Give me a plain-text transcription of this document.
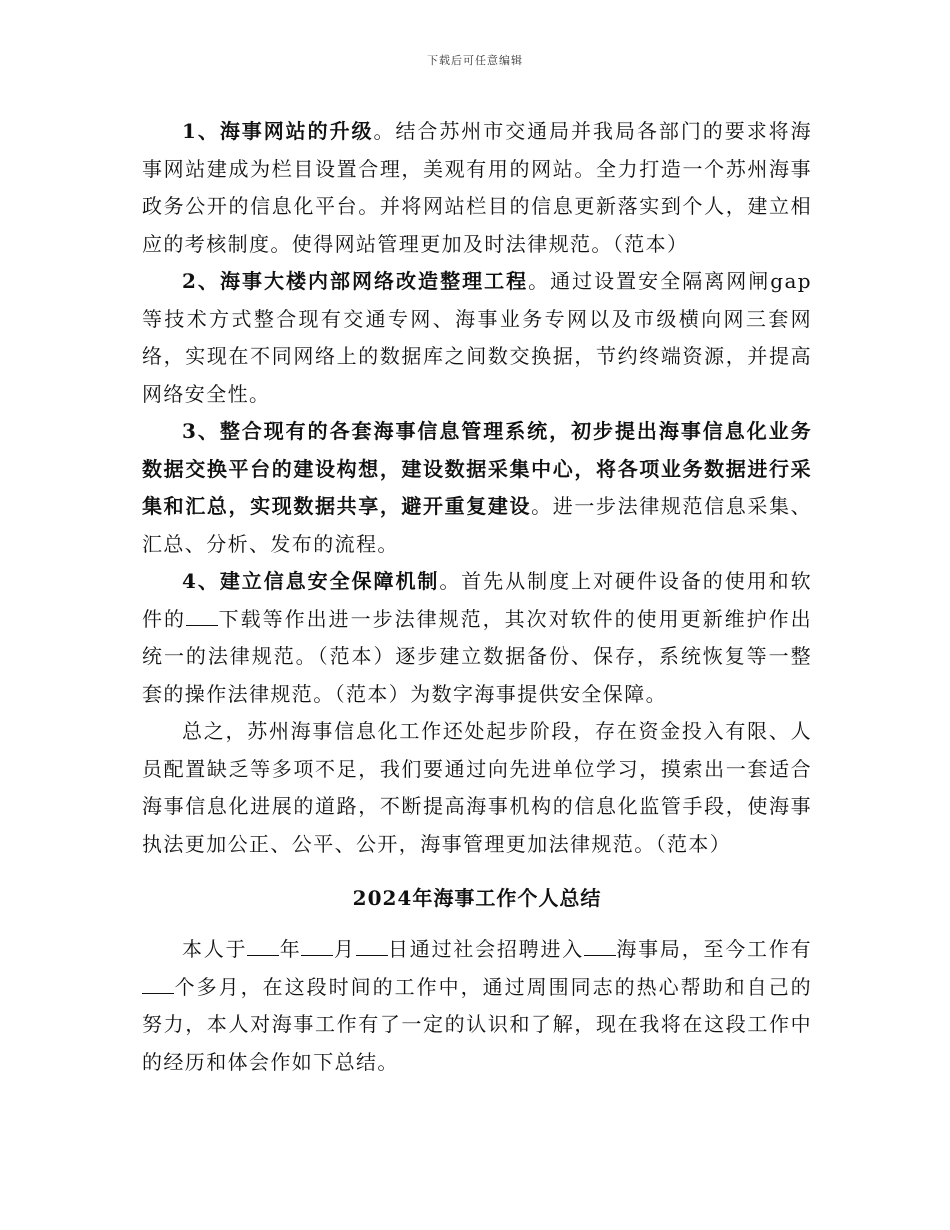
下载后可任意编辑

1、海事网站的升级。结合苏州市交通局并我局各部门的要求将海事网站建成为栏目设置合理，美观有用的网站。全力打造一个苏州海事政务公开的信息化平台。并将网站栏目的信息更新落实到个人，建立相应的考核制度。使得网站管理更加及时法律规范。（范本）

2、海事大楼内部网络改造整理工程。通过设置安全隔离网闸gap等技术方式整合现有交通专网、海事业务专网以及市级横向网三套网络，实现在不同网络上的数据库之间数交换据，节约终端资源，并提高网络安全性。

3、整合现有的各套海事信息管理系统，初步提出海事信息化业务数据交换平台的建设构想，建设数据采集中心，将各项业务数据进行采集和汇总，实现数据共享，避开重复建设。进一步法律规范信息采集、汇总、分析、发布的流程。

4、建立信息安全保障机制。首先从制度上对硬件设备的使用和软件的 下载等作出进一步法律规范，其次对软件的使用更新维护作出统一的法律规范。（范本）逐步建立数据备份、保存，系统恢复等一整套的操作法律规范。（范本）为数字海事提供安全保障。

总之，苏州海事信息化工作还处起步阶段，存在资金投入有限、人员配置缺乏等多项不足，我们要通过向先进单位学习，摸索出一套适合海事信息化进展的道路，不断提高海事机构的信息化监管手段，使海事执法更加公正、公平、公开，海事管理更加法律规范。（范本）

2024年海事工作个人总结

本人于 年 月 日通过社会招聘进入 海事局，至今工作有个多月，在这段时间的工作中，通过周围同志的热心帮助和自己的努力，本人对海事工作有了一定的认识和了解，现在我将在这段工作中的经历和体会作如下总结。
